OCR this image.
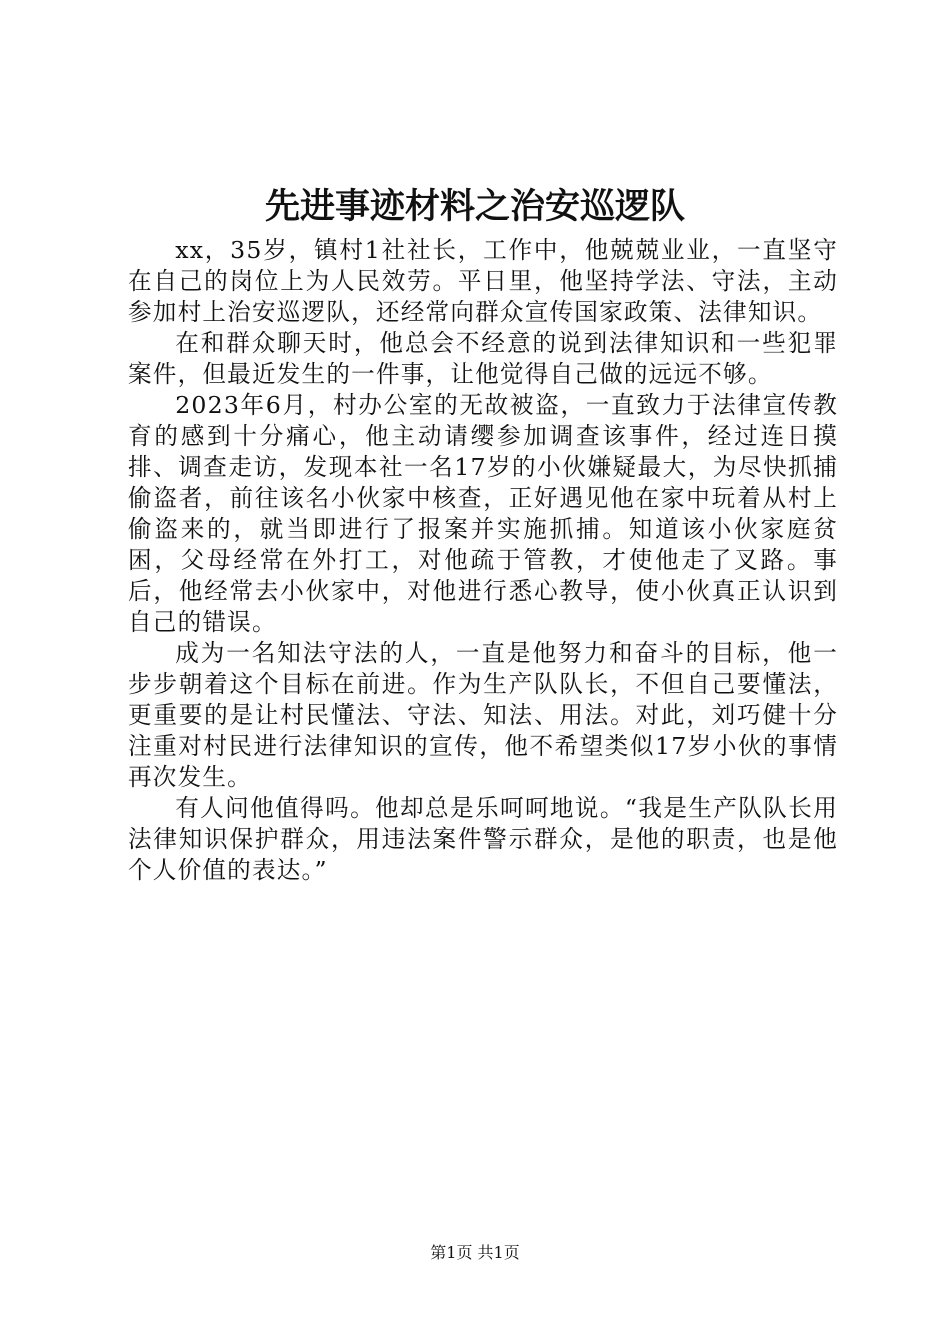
先进事迹材料之治安巡逻队

xx，35岁，镇村1社社长，工作中，他兢兢业业，一直坚守在自己的岗位上为人民效劳。平日里，他坚持学法、守法，主动参加村上治安巡逻队，还经常向群众宣传国家政策、法律知识。

在和群众聊天时，他总会不经意的说到法律知识和一些犯罪案件，但最近发生的一件事，让他觉得自己做的远远不够。

2023年6月，村办公室的无故被盗，一直致力于法律宣传教育的感到十分痛心，他主动请缨参加调查该事件，经过连日摸排、调查走访，发现本社一名17岁的小伙嫌疑最大，为尽快抓捕偷盗者，前往该名小伙家中核查，正好遇见他在家中玩着从村上偷盗来的，就当即进行了报案并实施抓捕。知道该小伙家庭贫困，父母经常在外打工，对他疏于管教，才使他走了叉路。事后，他经常去小伙家中，对他进行悉心教导，使小伙真正认识到自己的错误。

成为一名知法守法的人，一直是他努力和奋斗的目标，他一步步朝着这个目标在前进。作为生产队队长，不但自己要懂法，更重要的是让村民懂法、守法、知法、用法。对此，刘巧健十分注重对村民进行法律知识的宣传，他不希望类似17岁小伙的事情再次发生。

有人问他值得吗。他却总是乐呵呵地说。“我是生产队队长用法律知识保护群众，用违法案件警示群众，是他的职责，也是他个人价值的表达。”

第1页 共1页
